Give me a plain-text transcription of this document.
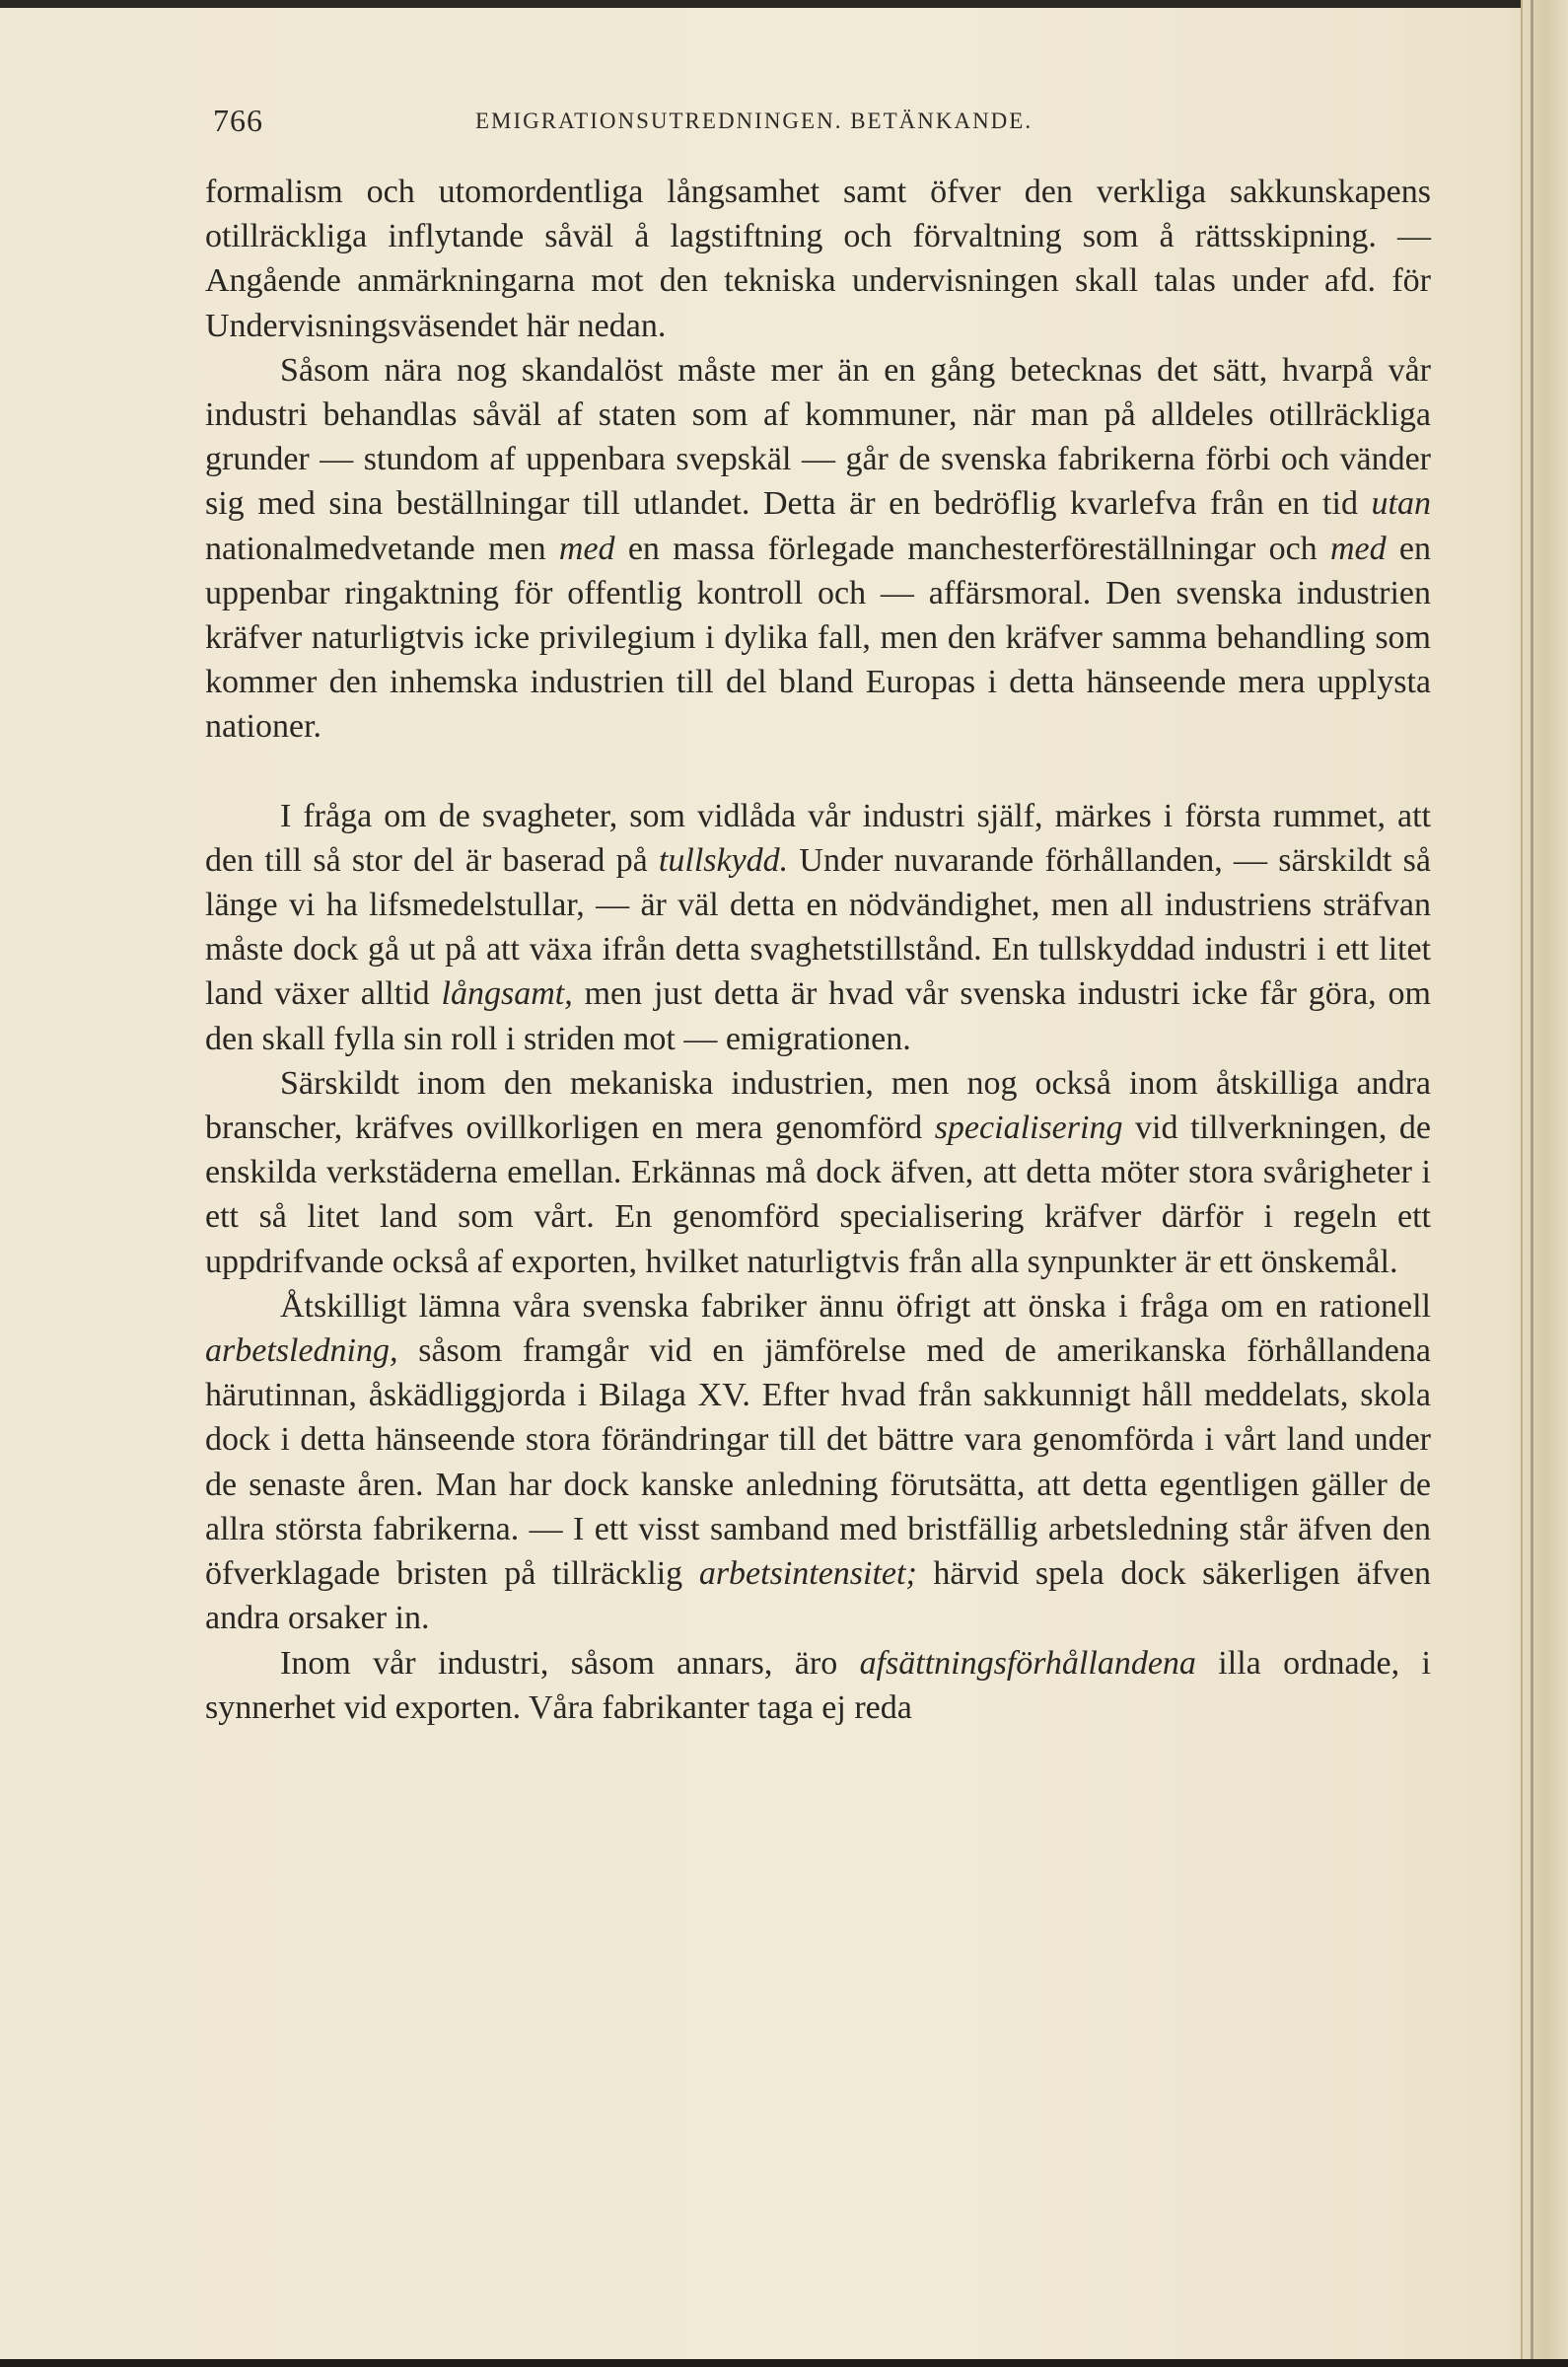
766	EMIGRATIONSUTREDNINGEN. BETÄNKANDE.

formalism och utomordentliga långsamhet samt öfver den verkliga sakkunskapens otillräckliga inflytande såväl å lagstiftning och förvaltning som å rättsskipning. — Angående anmärkningarna mot den tekniska undervisningen skall talas under afd. för Undervisningsväsendet här nedan.

Såsom nära nog skandalöst måste mer än en gång betecknas det sätt, hvarpå vår industri behandlas såväl af staten som af kommuner, när man på alldeles otillräckliga grunder — stundom af uppenbara svepskäl — går de svenska fabrikerna förbi och vänder sig med sina beställningar till utlandet. Detta är en bedröflig kvarlefva från en tid utan nationalmedvetande men med en massa förlegade manchesterföreställningar och med en uppenbar ringaktning för offentlig kontroll och — affärsmoral. Den svenska industrien kräfver naturligtvis icke privilegium i dylika fall, men den kräfver samma behandling som kommer den inhemska industrien till del bland Europas i detta hänseende mera upplysta nationer.

I fråga om de svagheter, som vidlåda vår industri själf, märkes i första rummet, att den till så stor del är baserad på tullskydd. Under nuvarande förhållanden, — särskildt så länge vi ha lifsmedelstullar, — är väl detta en nödvändighet, men all industriens sträfvan måste dock gå ut på att växa ifrån detta svaghetstillstånd. En tullskyddad industri i ett litet land växer alltid långsamt, men just detta är hvad vår svenska industri icke får göra, om den skall fylla sin roll i striden mot — emigrationen.

Särskildt inom den mekaniska industrien, men nog också inom åtskilliga andra branscher, kräfves ovillkorligen en mera genomförd specialisering vid tillverkningen, de enskilda verkstäderna emellan. Erkännas må dock äfven, att detta möter stora svårigheter i ett så litet land som vårt. En genomförd specialisering kräfver därför i regeln ett uppdrifvande också af exporten, hvilket naturligtvis från alla synpunkter är ett önskemål.

Åtskilligt lämna våra svenska fabriker ännu öfrigt att önska i fråga om en rationell arbetsledning, såsom framgår vid en jämförelse med de amerikanska förhållandena härutinnan, åskädliggjorda i Bilaga XV. Efter hvad från sakkunnigt håll meddelats, skola dock i detta hänseende stora förändringar till det bättre vara genomförda i vårt land under de senaste åren. Man har dock kanske anledning förutsätta, att detta egentligen gäller de allra största fabrikerna. — I ett visst samband med bristfällig arbetsledning står äfven den öfverklagade bristen på tillräcklig arbetsintensitet; härvid spela dock säkerligen äfven andra orsaker in.

Inom vår industri, såsom annars, äro afsättningsförhållandena illa ordnade, i synnerhet vid exporten. Våra fabrikanter taga ej reda
